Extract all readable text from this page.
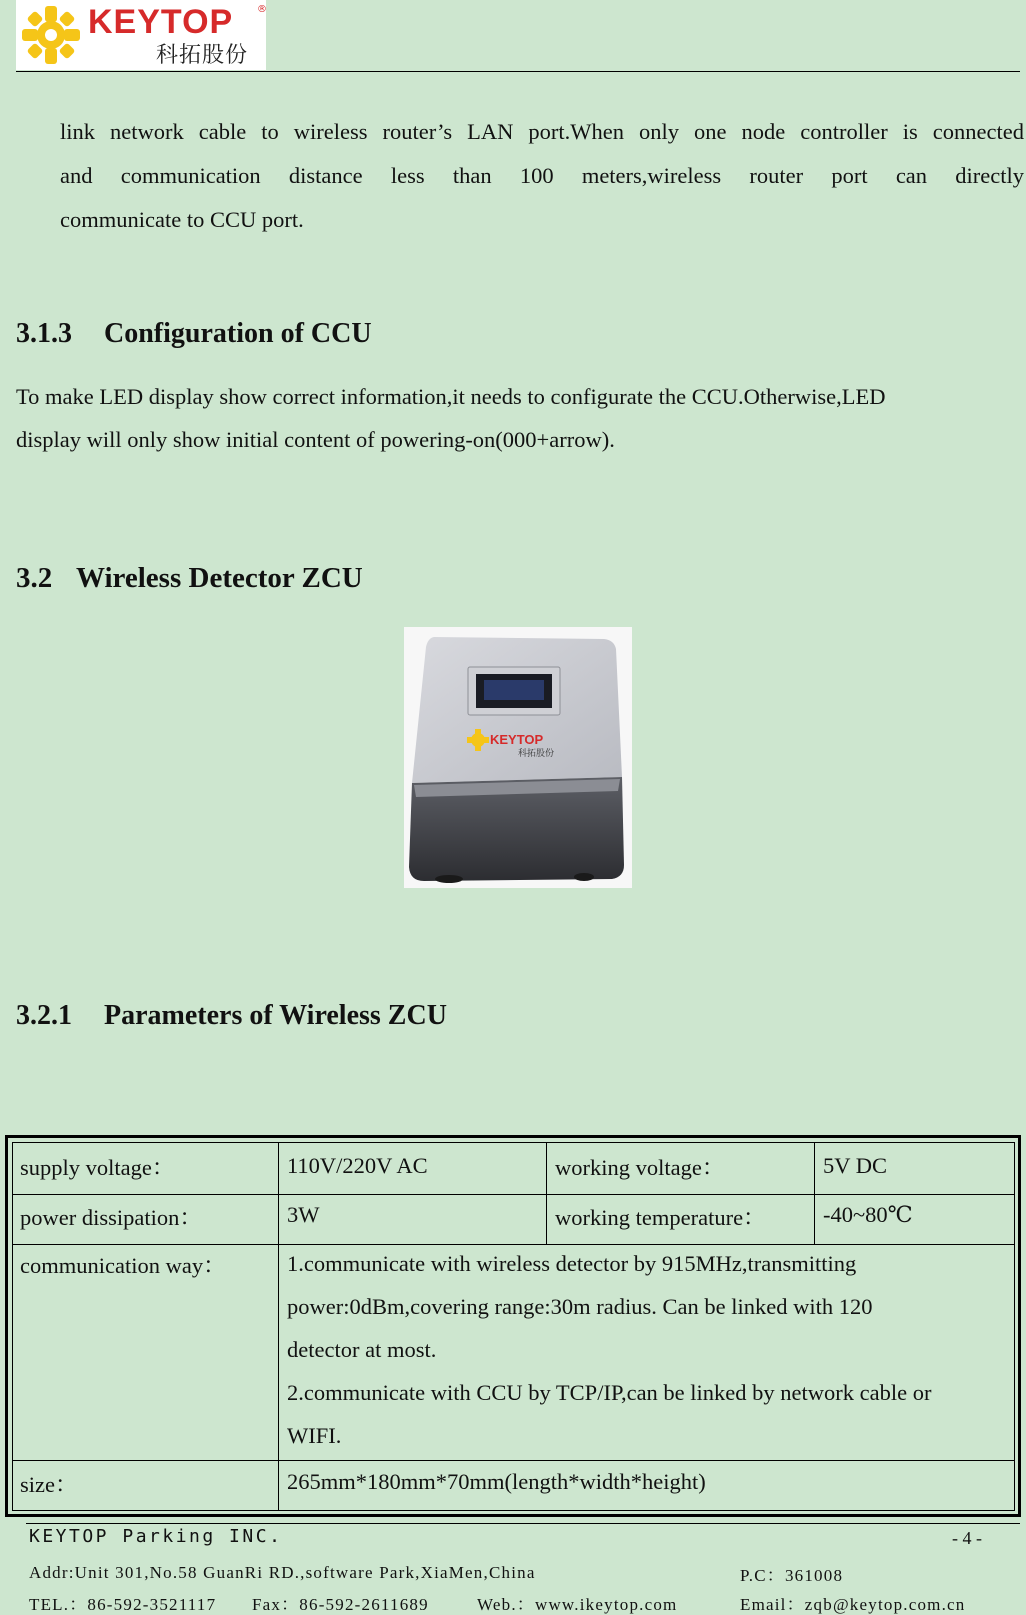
KEYTOP ®
科拓股份
link network cable to wireless router’s LAN port.When only one node controller is connected
and communication distance less than 100 meters,wireless router port can directly
communicate to CCU port.
3.1.3 Configuration of CCU
To make LED display show correct information,it needs to configurate the CCU.Otherwise,LED
display will only show initial content of powering-on(000+arrow).
3.2 Wireless Detector ZCU
KEYTOP
科拓股份
3.2.1 Parameters of Wireless ZCU
supply voltage：	110V/220V AC	working voltage：	5V DC
power dissipation：	3W	working temperature：	-40~80℃
communication way：	1.communicate with wireless detector by 915MHz,transmitting
power:0dBm,covering range:30m radius. Can be linked with 120
detector at most.
2.communicate with CCU by TCP/IP,can be linked by network cable or
WIFI.
size：	265mm*180mm*70mm(length*width*height)
KEYTOP Parking INC.	- 4 -
Addr:Unit 301,No.58 GuanRi RD.,software Park,XiaMen,China	P.C：361008
TEL.：86-592-3521117 Fax：86-592-2611689	Web.：www.ikeytop.com	Email：zqb@keytop.com.cn
